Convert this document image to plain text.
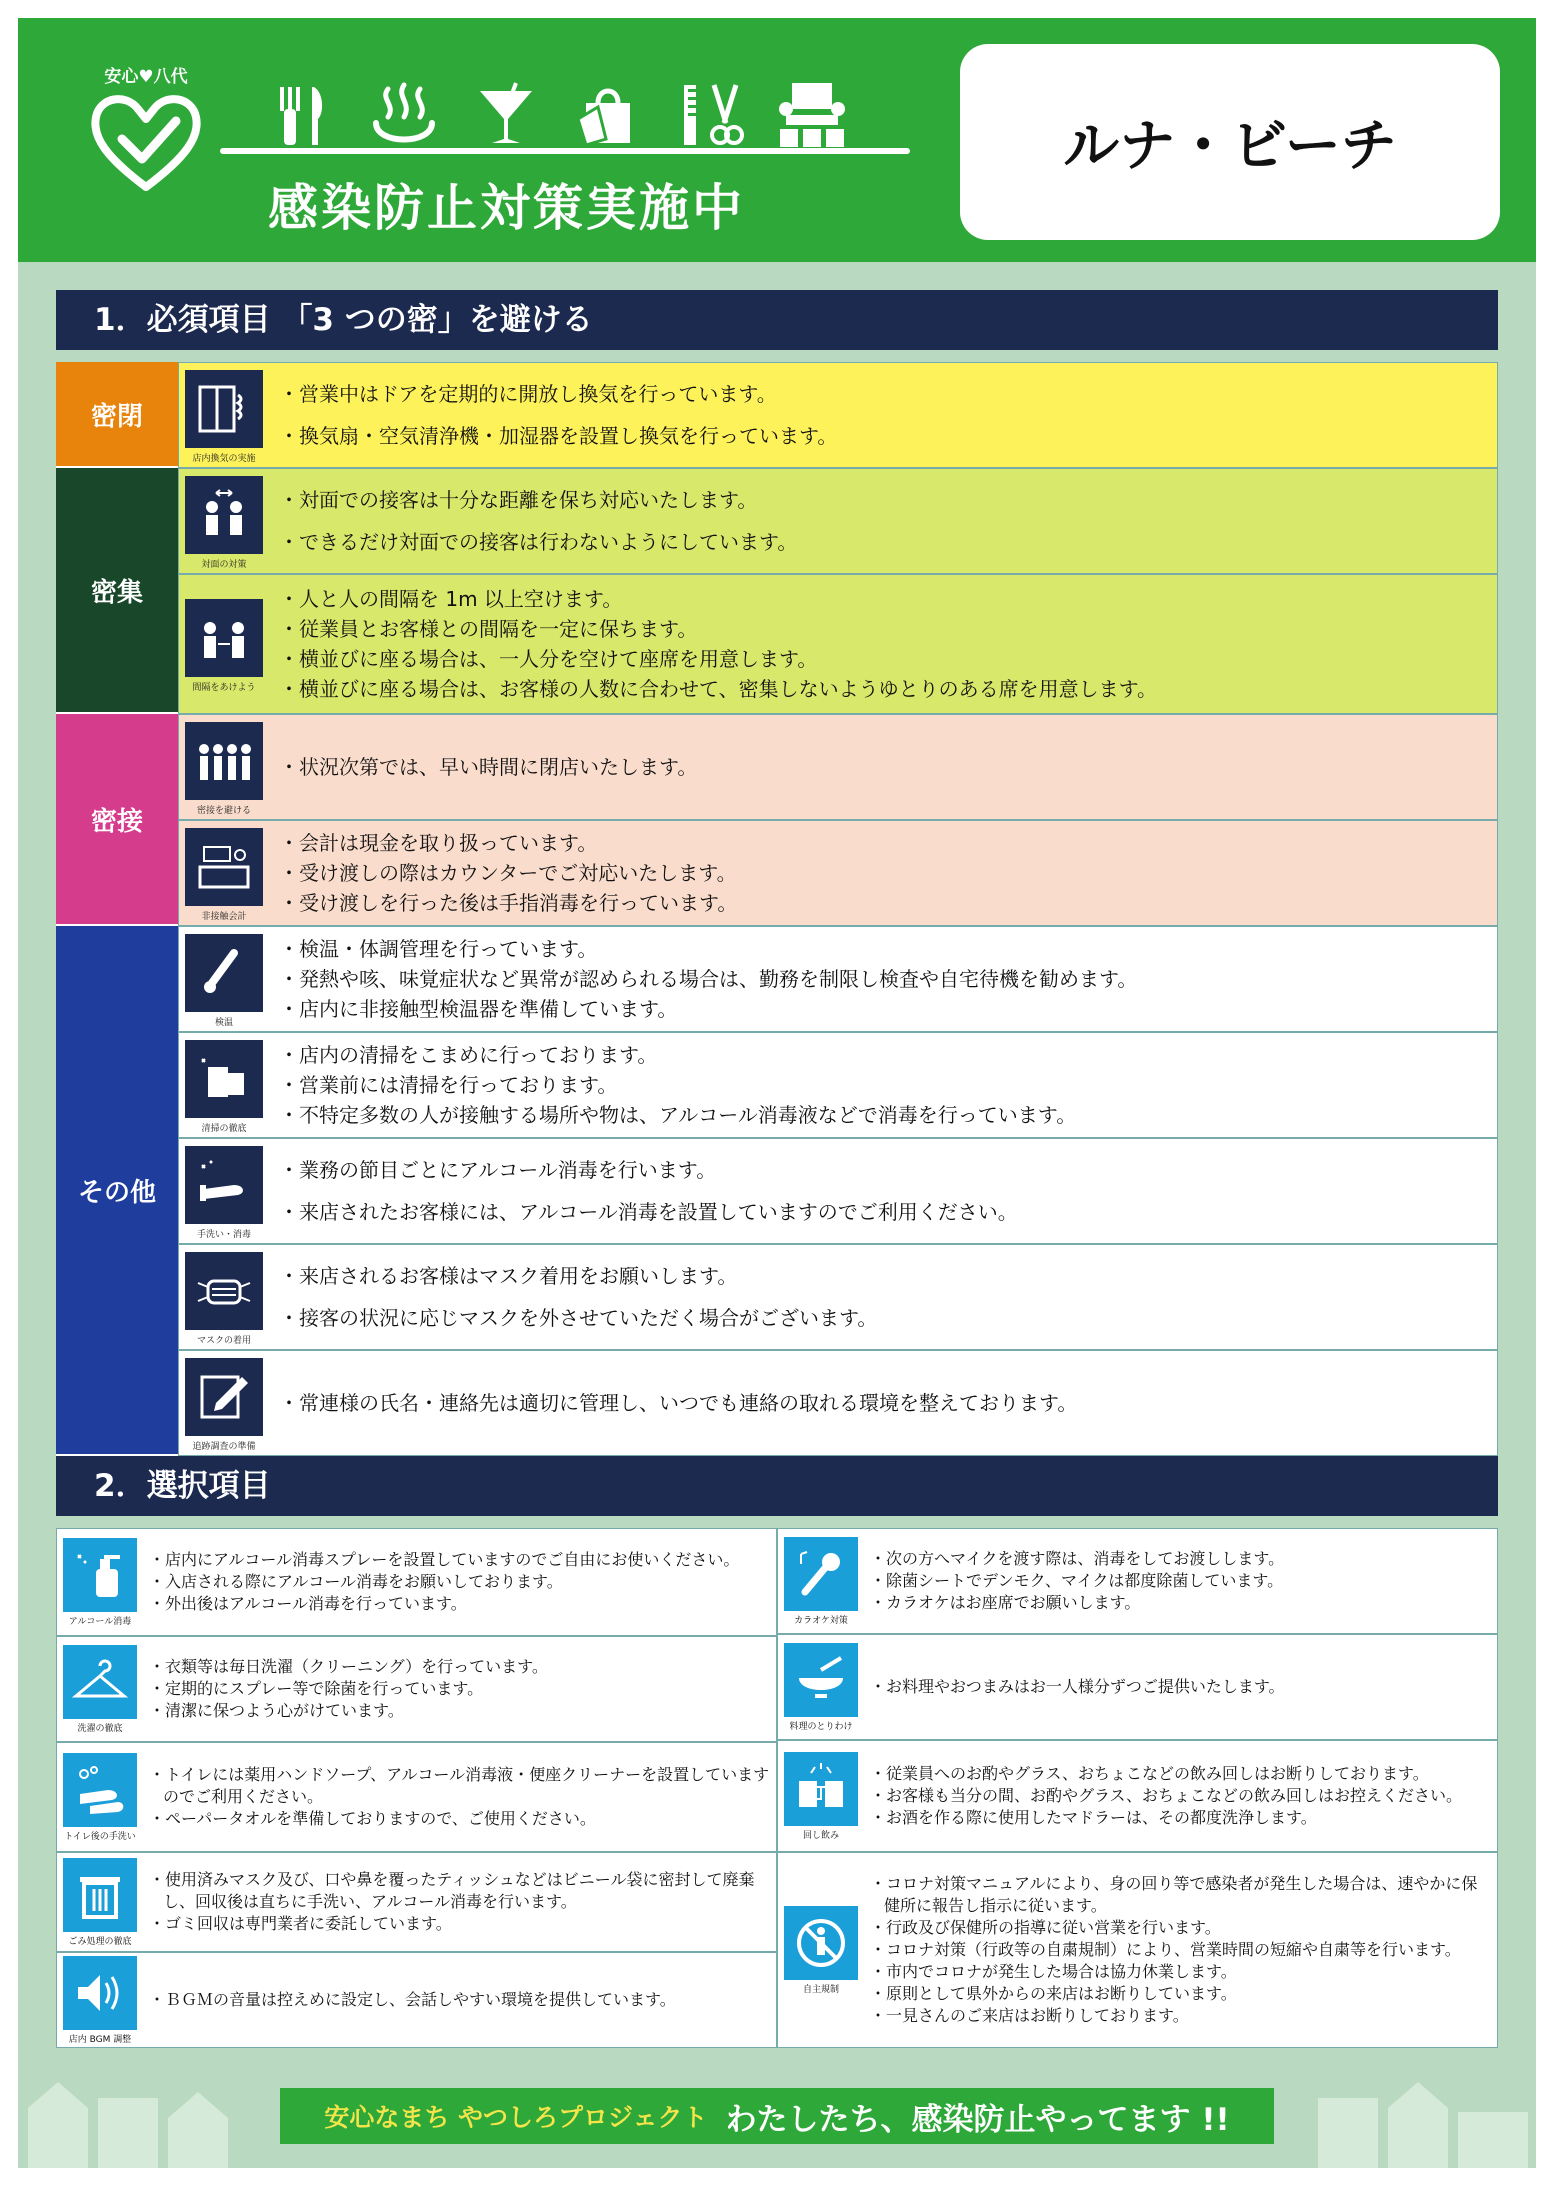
安心♥八代
感染防止対策実施中
ルナ・ビーチ
1．必須項目 「3 つの密」を避ける
密閉
密集
密接
その他
店内換気の実施
・営業中はドアを定期的に開放し換気を行っています。
・換気扇・空気清浄機・加湿器を設置し換気を行っています。
対面の対策
・対面での接客は十分な距離を保ち対応いたします。
・できるだけ対面での接客は行わないようにしています。
間隔をあけよう
・人と人の間隔を 1m 以上空けます。
・従業員とお客様との間隔を一定に保ちます。
・横並びに座る場合は、一人分を空けて座席を用意します。
・横並びに座る場合は、お客様の人数に合わせて、密集しないようゆとりのある席を用意します。
密接を避ける
・状況次第では、早い時間に閉店いたします。
非接触会計
・会計は現金を取り扱っています。
・受け渡しの際はカウンターでご対応いたします。
・受け渡しを行った後は手指消毒を行っています。
検温
・検温・体調管理を行っています。
・発熱や咳、味覚症状など異常が認められる場合は、勤務を制限し検査や自宅待機を勧めます。
・店内に非接触型検温器を準備しています。
清掃の徹底
・店内の清掃をこまめに行っております。
・営業前には清掃を行っております。
・不特定多数の人が接触する場所や物は、アルコール消毒液などで消毒を行っています。
手洗い・消毒
・業務の節目ごとにアルコール消毒を行います。
・来店されたお客様には、アルコール消毒を設置していますのでご利用ください。
マスクの着用
・来店されるお客様はマスク着用をお願いします。
・接客の状況に応じマスクを外させていただく場合がございます。
追跡調査の準備
・常連様の氏名・連絡先は適切に管理し、いつでも連絡の取れる環境を整えております。
2．選択項目
アルコール消毒
・店内にアルコール消毒スプレーを設置していますのでご自由にお使いください。
・入店される際にアルコール消毒をお願いしております。
・外出後はアルコール消毒を行っています。
洗濯の徹底
・衣類等は毎日洗濯（クリーニング）を行っています。
・定期的にスプレー等で除菌を行っています。
・清潔に保つよう心がけています。
トイレ後の手洗い
・トイレには薬用ハンドソープ、アルコール消毒液・便座クリーナーを設置していますのでご利用ください。
・ペーパータオルを準備しておりますので、ご使用ください。
ごみ処理の徹底
・使用済みマスク及び、口や鼻を覆ったティッシュなどはビニール袋に密封して廃棄し、回収後は直ちに手洗い、アルコール消毒を行います。
・ゴミ回収は専門業者に委託しています。
店内 BGM 調整
・ＢＧＭの音量は控えめに設定し、会話しやすい環境を提供しています。
カラオケ対策
・次の方へマイクを渡す際は、消毒をしてお渡しします。
・除菌シートでデンモク、マイクは都度除菌しています。
・カラオケはお座席でお願いします。
料理のとりわけ
・お料理やおつまみはお一人様分ずつご提供いたします。
回し飲み
・従業員へのお酌やグラス、おちょこなどの飲み回しはお断りしております。
・お客様も当分の間、お酌やグラス、おちょこなどの飲み回しはお控えください。
・お酒を作る際に使用したマドラーは、その都度洗浄します。
自主規制
・コロナ対策マニュアルにより、身の回り等で感染者が発生した場合は、速やかに保健所に報告し指示に従います。
・行政及び保健所の指導に従い営業を行います。
・コロナ対策（行政等の自粛規制）により、営業時間の短縮や自粛等を行います。
・市内でコロナが発生した場合は協力休業します。
・原則として県外からの来店はお断りしています。
・一見さんのご来店はお断りしております。
安心なまち やつしろプロジェクト わたしたち、感染防止やってます !!
